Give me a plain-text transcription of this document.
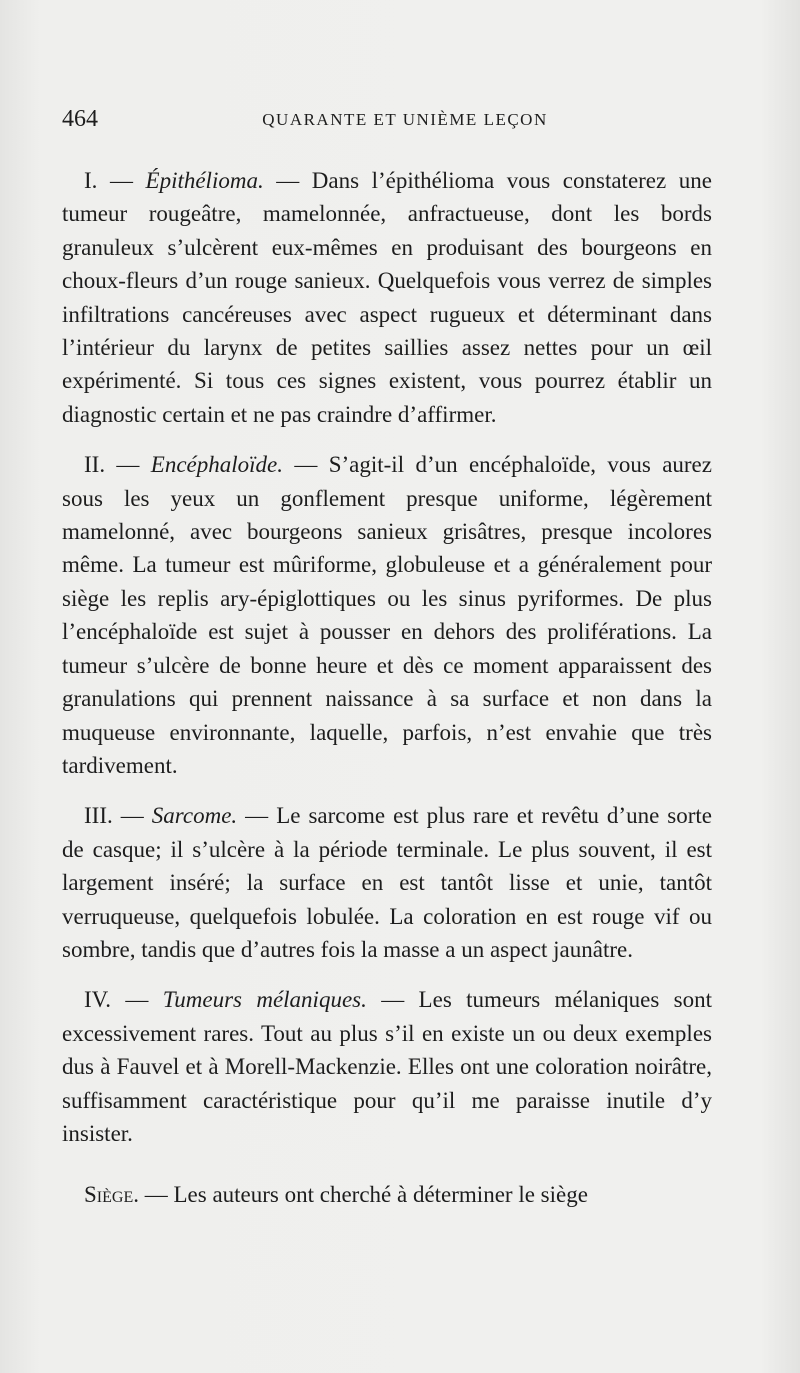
464	QUARANTE ET UNIÈME LEÇON

I. — Épithélioma. — Dans l’épithélioma vous constaterez une tumeur rougeâtre, mamelonnée, anfractueuse, dont les bords granuleux s’ulcèrent eux-mêmes en produisant des bourgeons en choux-fleurs d’un rouge sanieux. Quelquefois vous verrez de simples infiltrations cancéreuses avec aspect rugueux et déterminant dans l’intérieur du larynx de petites saillies assez nettes pour un œil expérimenté. Si tous ces signes existent, vous pourrez établir un diagnostic certain et ne pas craindre d’affirmer.

II. — Encéphaloïde. — S’agit-il d’un encéphaloïde, vous aurez sous les yeux un gonflement presque uniforme, légèrement mamelonné, avec bourgeons sanieux grisâtres, presque incolores même. La tumeur est mûriforme, globuleuse et a généralement pour siège les replis ary-épiglottiques ou les sinus pyriformes. De plus l’encéphaloïde est sujet à pousser en dehors des proliférations. La tumeur s’ulcère de bonne heure et dès ce moment apparaissent des granulations qui prennent naissance à sa surface et non dans la muqueuse environnante, laquelle, parfois, n’est envahie que très tardivement.

III. — Sarcome. — Le sarcome est plus rare et revêtu d’une sorte de casque; il s’ulcère à la période terminale. Le plus souvent, il est largement inséré; la surface en est tantôt lisse et unie, tantôt verruqueuse, quelquefois lobulée. La coloration en est rouge vif ou sombre, tandis que d’autres fois la masse a un aspect jaunâtre.

IV. — Tumeurs mélaniques. — Les tumeurs mélaniques sont excessivement rares. Tout au plus s’il en existe un ou deux exemples dus à Fauvel et à Morell-Mackenzie. Elles ont une coloration noirâtre, suffisamment caractéristique pour qu’il me paraisse inutile d’y insister.

Siège. — Les auteurs ont cherché à déterminer le siège
